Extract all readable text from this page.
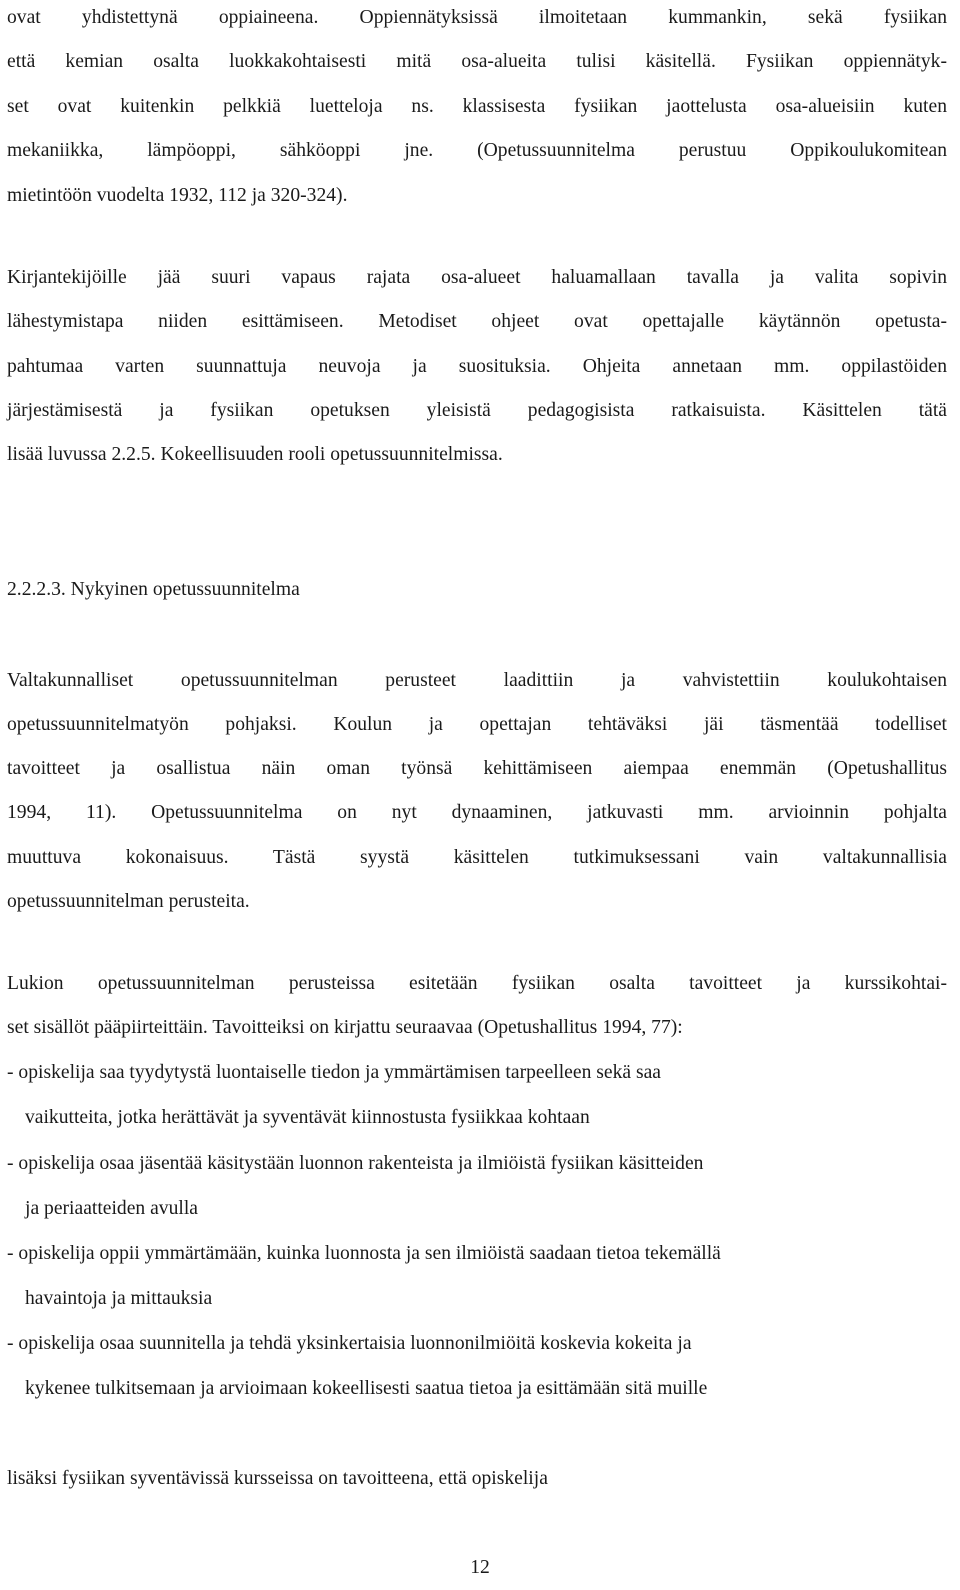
ovat yhdistettynä oppiaineena. Oppiennätyksissä ilmoitetaan kummankin, sekä fysiikan
että kemian osalta luokkakohtaisesti mitä osa-alueita tulisi käsitellä. Fysiikan oppiennätyk-
set ovat kuitenkin pelkkiä luetteloja ns. klassisesta fysiikan jaottelusta osa-alueisiin kuten
mekaniikka, lämpöoppi, sähköoppi jne. (Opetussuunnitelma perustuu Oppikoulukomitean
mietintöön vuodelta 1932, 112 ja 320-324).
Kirjantekijöille jää suuri vapaus rajata osa-alueet haluamallaan tavalla ja valita sopivin
lähestymistapa niiden esittämiseen. Metodiset ohjeet ovat opettajalle käytännön opetusta-
pahtumaa varten suunnattuja neuvoja ja suosituksia. Ohjeita annetaan mm. oppilastöiden
järjestämisestä ja fysiikan opetuksen yleisistä pedagogisista ratkaisuista. Käsittelen tätä
lisää luvussa 2.2.5. Kokeellisuuden rooli opetussuunnitelmissa.
2.2.2.3. Nykyinen opetussuunnitelma
Valtakunnalliset opetussuunnitelman perusteet laadittiin ja vahvistettiin koulukohtaisen
opetussuunnitelmatyön pohjaksi. Koulun ja opettajan tehtäväksi jäi täsmentää todelliset
tavoitteet ja osallistua näin oman työnsä kehittämiseen aiempaa enemmän (Opetushallitus
1994, 11). Opetussuunnitelma on nyt dynaaminen, jatkuvasti mm. arvioinnin pohjalta
muuttuva kokonaisuus. Tästä syystä käsittelen tutkimuksessani vain valtakunnallisia
opetussuunnitelman perusteita.
Lukion opetussuunnitelman perusteissa esitetään fysiikan osalta tavoitteet ja kurssikohtai-
set sisällöt pääpiirteittäin. Tavoitteiksi on kirjattu seuraavaa (Opetushallitus 1994, 77):
- opiskelija saa tyydytystä luontaiselle tiedon ja ymmärtämisen tarpeelleen sekä saa
vaikutteita, jotka herättävät ja syventävät kiinnostusta fysiikkaa kohtaan
- opiskelija osaa jäsentää käsitystään luonnon rakenteista ja ilmiöistä fysiikan käsitteiden
ja periaatteiden avulla
- opiskelija oppii ymmärtämään, kuinka luonnosta ja sen ilmiöistä saadaan tietoa tekemällä
havaintoja ja mittauksia
- opiskelija osaa suunnitella ja tehdä yksinkertaisia luonnonilmiöitä koskevia kokeita ja
kykenee tulkitsemaan ja arvioimaan kokeellisesti saatua tietoa ja esittämään sitä muille
lisäksi fysiikan syventävissä kursseissa on tavoitteena, että opiskelija
12
